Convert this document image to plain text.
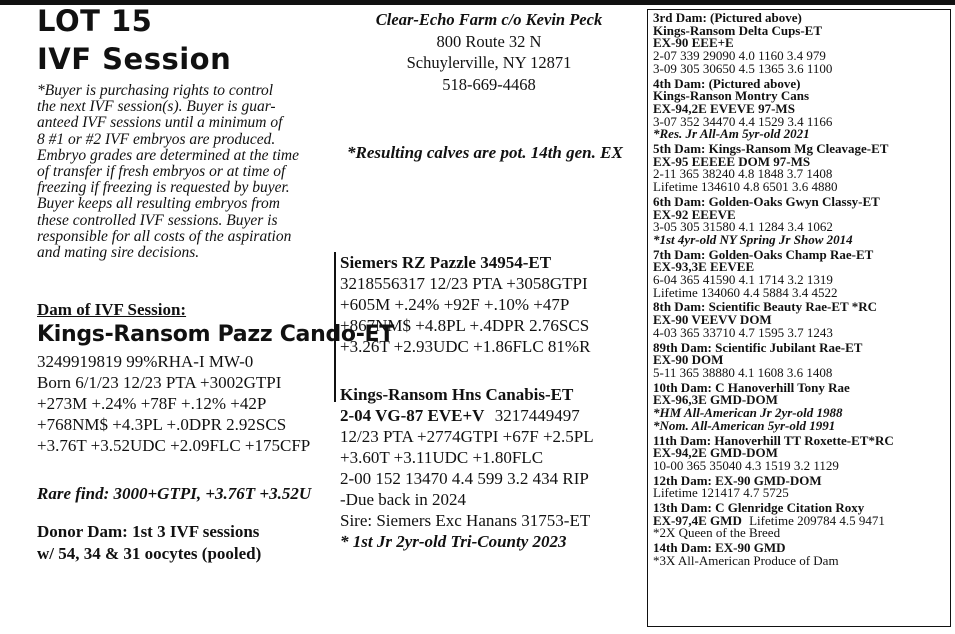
LOT 15
IVF Session
*Buyer is purchasing rights to control
the next IVF session(s). Buyer is guar-
anteed IVF sessions until a minimum of
8 #1 or #2 IVF embryos are produced.
Embryo grades are determined at the time
of transfer if fresh embryos or at time of
freezing if freezing is requested by buyer.
Buyer keeps all resulting embryos from
these controlled IVF sessions. Buyer is
responsible for all costs of the aspiration
and mating sire decisions.
Dam of IVF Session:
Kings-Ransom Pazz Cando-ET
3249919819 99%RHA-I MW-0
Born 6/1/23 12/23 PTA +3002GTPI
+273M +.24% +78F +.12% +42P
+768NM$ +4.3PL +.0DPR 2.92SCS
+3.76T +3.52UDC +2.09FLC +175CFP
Rare find: 3000+GTPI, +3.76T +3.52U
Donor Dam: 1st 3 IVF sessions
w/ 54, 34 & 31 oocytes (pooled)
Clear-Echo Farm c/o Kevin Peck
800 Route 32 N
Schuylerville, NY 12871
518-669-4468
*Resulting calves are pot. 14th gen. EX
Siemers RZ Pazzle 34954-ET
3218556317 12/23 PTA +3058GTPI
+605M +.24% +92F +.10% +47P
+867NM$ +4.8PL +.4DPR 2.76SCS
+3.26T +2.93UDC +1.86FLC 81%R
Kings-Ransom Hns Canabis-ET
2-04 VG-87 EVE+V 3217449497
12/23 PTA +2774GTPI +67F +2.5PL
+3.60T +3.11UDC +1.80FLC
2-00 152 13470 4.4 599 3.2 434 RIP
-Due back in 2024
Sire: Siemers Exc Hanans 31753-ET
* 1st Jr 2yr-old Tri-County 2023
3rd Dam: (Pictured above)
Kings-Ransom Delta Cups-ET
EX-90 EEE+E
2-07 339 29090 4.0 1160 3.4 979
3-09 305 30650 4.5 1365 3.6 1100
4th Dam: (Pictured above)
Kings-Ranson Montry Cans
EX-94,2E EVEVE 97-MS
3-07 352 34470 4.4 1529 3.4 1166
*Res. Jr All-Am 5yr-old 2021
5th Dam: Kings-Ransom Mg Cleavage-ET
EX-95 EEEEE DOM 97-MS
2-11 365 38240 4.8 1848 3.7 1408
Lifetime 134610 4.8 6501 3.6 4880
6th Dam: Golden-Oaks Gwyn Classy-ET
EX-92 EEEVE
3-05 305 31580 4.1 1284 3.4 1062
*1st 4yr-old NY Spring Jr Show 2014
7th Dam: Golden-Oaks Champ Rae-ET
EX-93,3E EEVEE
6-04 365 41590 4.1 1714 3.2 1319
Lifetime 134060 4.4 5884 3.4 4522
8th Dam: Scientific Beauty Rae-ET *RC
EX-90 VEEVV DOM
4-03 365 33710 4.7 1595 3.7 1243
89th Dam: Scientific Jubilant Rae-ET
EX-90 DOM
5-11 365 38880 4.1 1608 3.6 1408
10th Dam: C Hanoverhill Tony Rae
EX-96,3E GMD-DOM
*HM All-American Jr 2yr-old 1988
*Nom. All-American 5yr-old 1991
11th Dam: Hanoverhill TT Roxette-ET*RC
EX-94,2E GMD-DOM
10-00 365 35040 4.3 1519 3.2 1129
12th Dam: EX-90 GMD-DOM
Lifetime 121417 4.7 5725
13th Dam: C Glenridge Citation Roxy
EX-97,4E GMD Lifetime 209784 4.5 9471
*2X Queen of the Breed
14th Dam: EX-90 GMD
*3X All-American Produce of Dam
